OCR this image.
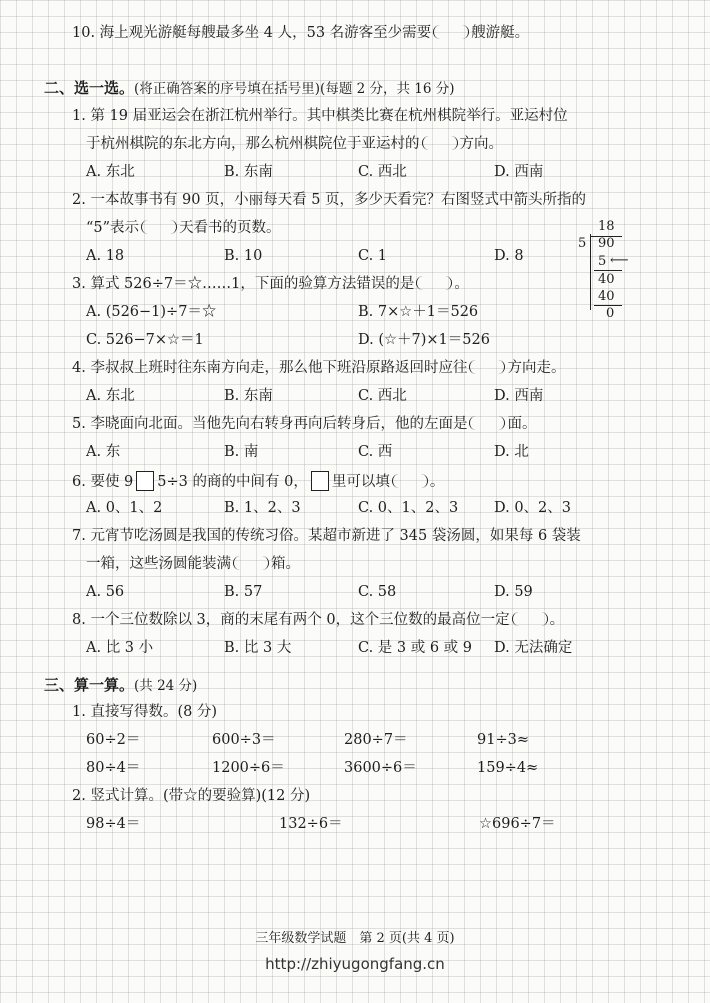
10. 海上观光游艇每艘最多坐 4 人，53 名游客至少需要	艘游艇。
二、选一选。(将正确答案的序号填在括号里)(每题 2 分，共 16 分)
1. 第 19 届亚运会在浙江杭州举行。其中棋类比赛在杭州棋院举行。亚运村位
于杭州棋院的东北方向，那么杭州棋院位于亚运村的	方向。
A. 东北	B. 东南	C. 西北	D. 西南
2. 一本故事书有 90 页，小丽每天看 5 页，多少天看完？右图竖式中箭头所指的
“5”表示	天看书的页数。
A. 18	B. 10	C. 1	D. 8
3. 算式 526÷7＝☆……1，下面的验算方法错误的是	。
A. (526−1)÷7＝☆	B. 7×☆＋1＝526
C. 526−7×☆＝1	D. (☆＋7)×1＝526
4. 李叔叔上班时往东南方向走，那么他下班沿原路返回时应往	方向走。
A. 东北	B. 东南	C. 西北	D. 西南
5. 李晓面向北面。当他先向右转身再向后转身后，他的左面是	面。
A. 东	B. 南	C. 西	D. 北
6. 要使 9 5÷3 的商的中间有 0， 里可以填	。
A. 0、1、2	B. 1、2、3	C. 0、1、2、3 D. 0、2、3
7. 元宵节吃汤圆是我国的传统习俗。某超市新进了 345 袋汤圆，如果每 6 袋装
一箱，这些汤圆能装满	箱。
A. 56	B. 57	C. 58	D. 59
8. 一个三位数除以 3，商的末尾有两个 0，这个三位数的最高位一定	。
A. 比 3 小	B. 比 3 大	C. 是 3 或 6 或 9 D. 无法确定
18
5 90
5 ⟵
40
40
0
三、算一算。(共 24 分)
1. 直接写得数。(8 分)
60÷2＝	600÷3＝	280÷7＝	91÷3≈
80÷4＝	1200÷6＝	3600÷6＝	159÷4≈
2. 竖式计算。(带☆的要验算)(12 分)
98÷4＝	132÷6＝	☆696÷7＝
三年级数学试题　第 2 页(共 4 页)
http://zhiyugongfang.cn
